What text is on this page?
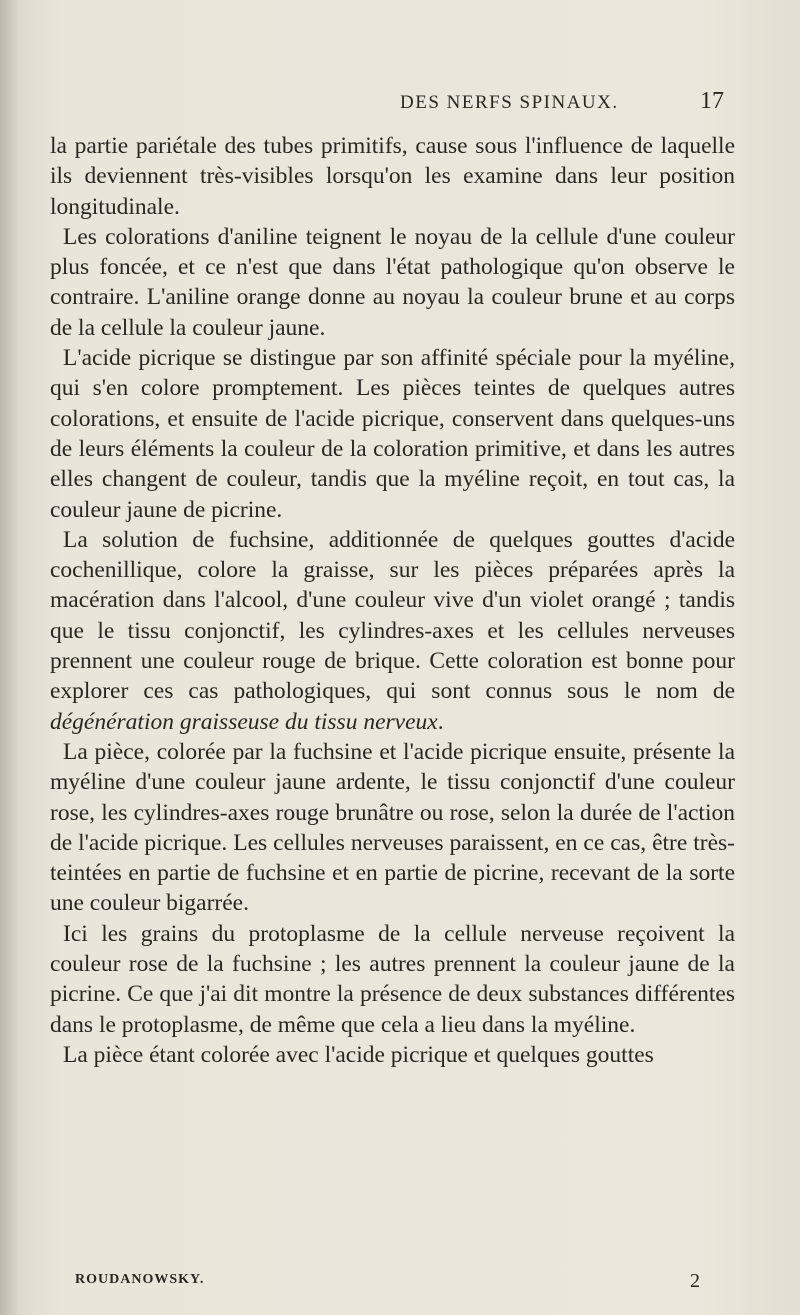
DES NERFS SPINAUX.	17

la partie pariétale des tubes primitifs, cause sous l'influence de laquelle ils deviennent très-visibles lorsqu'on les examine dans leur position longitudinale.

Les colorations d'aniline teignent le noyau de la cellule d'une couleur plus foncée, et ce n'est que dans l'état pathologique qu'on observe le contraire. L'aniline orange donne au noyau la couleur brune et au corps de la cellule la couleur jaune.

L'acide picrique se distingue par son affinité spéciale pour la myéline, qui s'en colore promptement. Les pièces teintes de quelques autres colorations, et ensuite de l'acide picrique, conservent dans quelques-uns de leurs éléments la couleur de la coloration primitive, et dans les autres elles changent de couleur, tandis que la myéline reçoit, en tout cas, la couleur jaune de picrine.

La solution de fuchsine, additionnée de quelques gouttes d'acide cochenillique, colore la graisse, sur les pièces préparées après la macération dans l'alcool, d'une couleur vive d'un violet orangé ; tandis que le tissu conjonctif, les cylindres-axes et les cellules nerveuses prennent une couleur rouge de brique. Cette coloration est bonne pour explorer ces cas pathologiques, qui sont connus sous le nom de dégénération graisseuse du tissu nerveux.

La pièce, colorée par la fuchsine et l'acide picrique ensuite, présente la myéline d'une couleur jaune ardente, le tissu conjonctif d'une couleur rose, les cylindres-axes rouge brunâtre ou rose, selon la durée de l'action de l'acide picrique. Les cellules nerveuses paraissent, en ce cas, être très-teintées en partie de fuchsine et en partie de picrine, recevant de la sorte une couleur bigarrée.

Ici les grains du protoplasme de la cellule nerveuse reçoivent la couleur rose de la fuchsine ; les autres prennent la couleur jaune de la picrine. Ce que j'ai dit montre la présence de deux substances différentes dans le protoplasme, de même que cela a lieu dans la myéline.

La pièce étant colorée avec l'acide picrique et quelques gouttes

ROUDANOWSKY.	2
